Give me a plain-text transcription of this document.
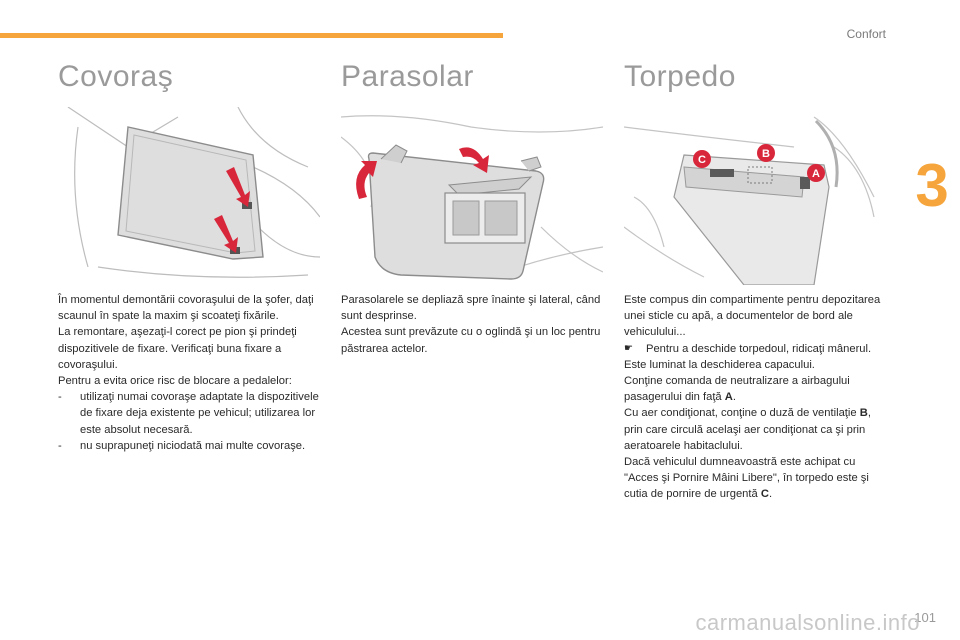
Confort
3
Covoraş

În momentul demontării covoraşului de la şofer, daţi scaunul în spate la maxim şi scoateţi fixările.

La remontare, aşezaţi-l corect pe pion şi prindeţi dispozitivele de fixare. Verificaţi buna fixare a covoraşului.

Pentru a evita orice risc de blocare a pedalelor:

-	utilizaţi numai covoraşe adaptate la dispozitivele de fixare deja existente pe vehicul; utilizarea lor este absolut necesară.
-	nu suprapuneţi niciodată mai multe covoraşe.
Parasolar

Parasolarele se depliază spre înainte şi lateral, când sunt desprinse.

Acestea sunt prevăzute cu o oglindă şi un loc pentru păstrarea actelor.

Torpedo
C	B
A

Este compus din compartimente pentru depozitarea unei sticle cu apă, a documentelor de bord ale vehiculului...

☛	Pentru a deschide torpedoul, ridicaţi mânerul.

Este luminat la deschiderea capacului.

Conţine comanda de neutralizare a airbagului pasagerului din faţă A.

Cu aer condiţionat, conţine o duză de ventilaţie B, prin care circulă acelaşi aer condiţionat ca şi prin aeratoarele habitaclului.

Dacă vehiculul dumneavoastră este achipat cu "Acces şi Pornire Mâini Libere", în torpedo este şi cutia de pornire de urgentă C.

101
carmanualsonline.info
